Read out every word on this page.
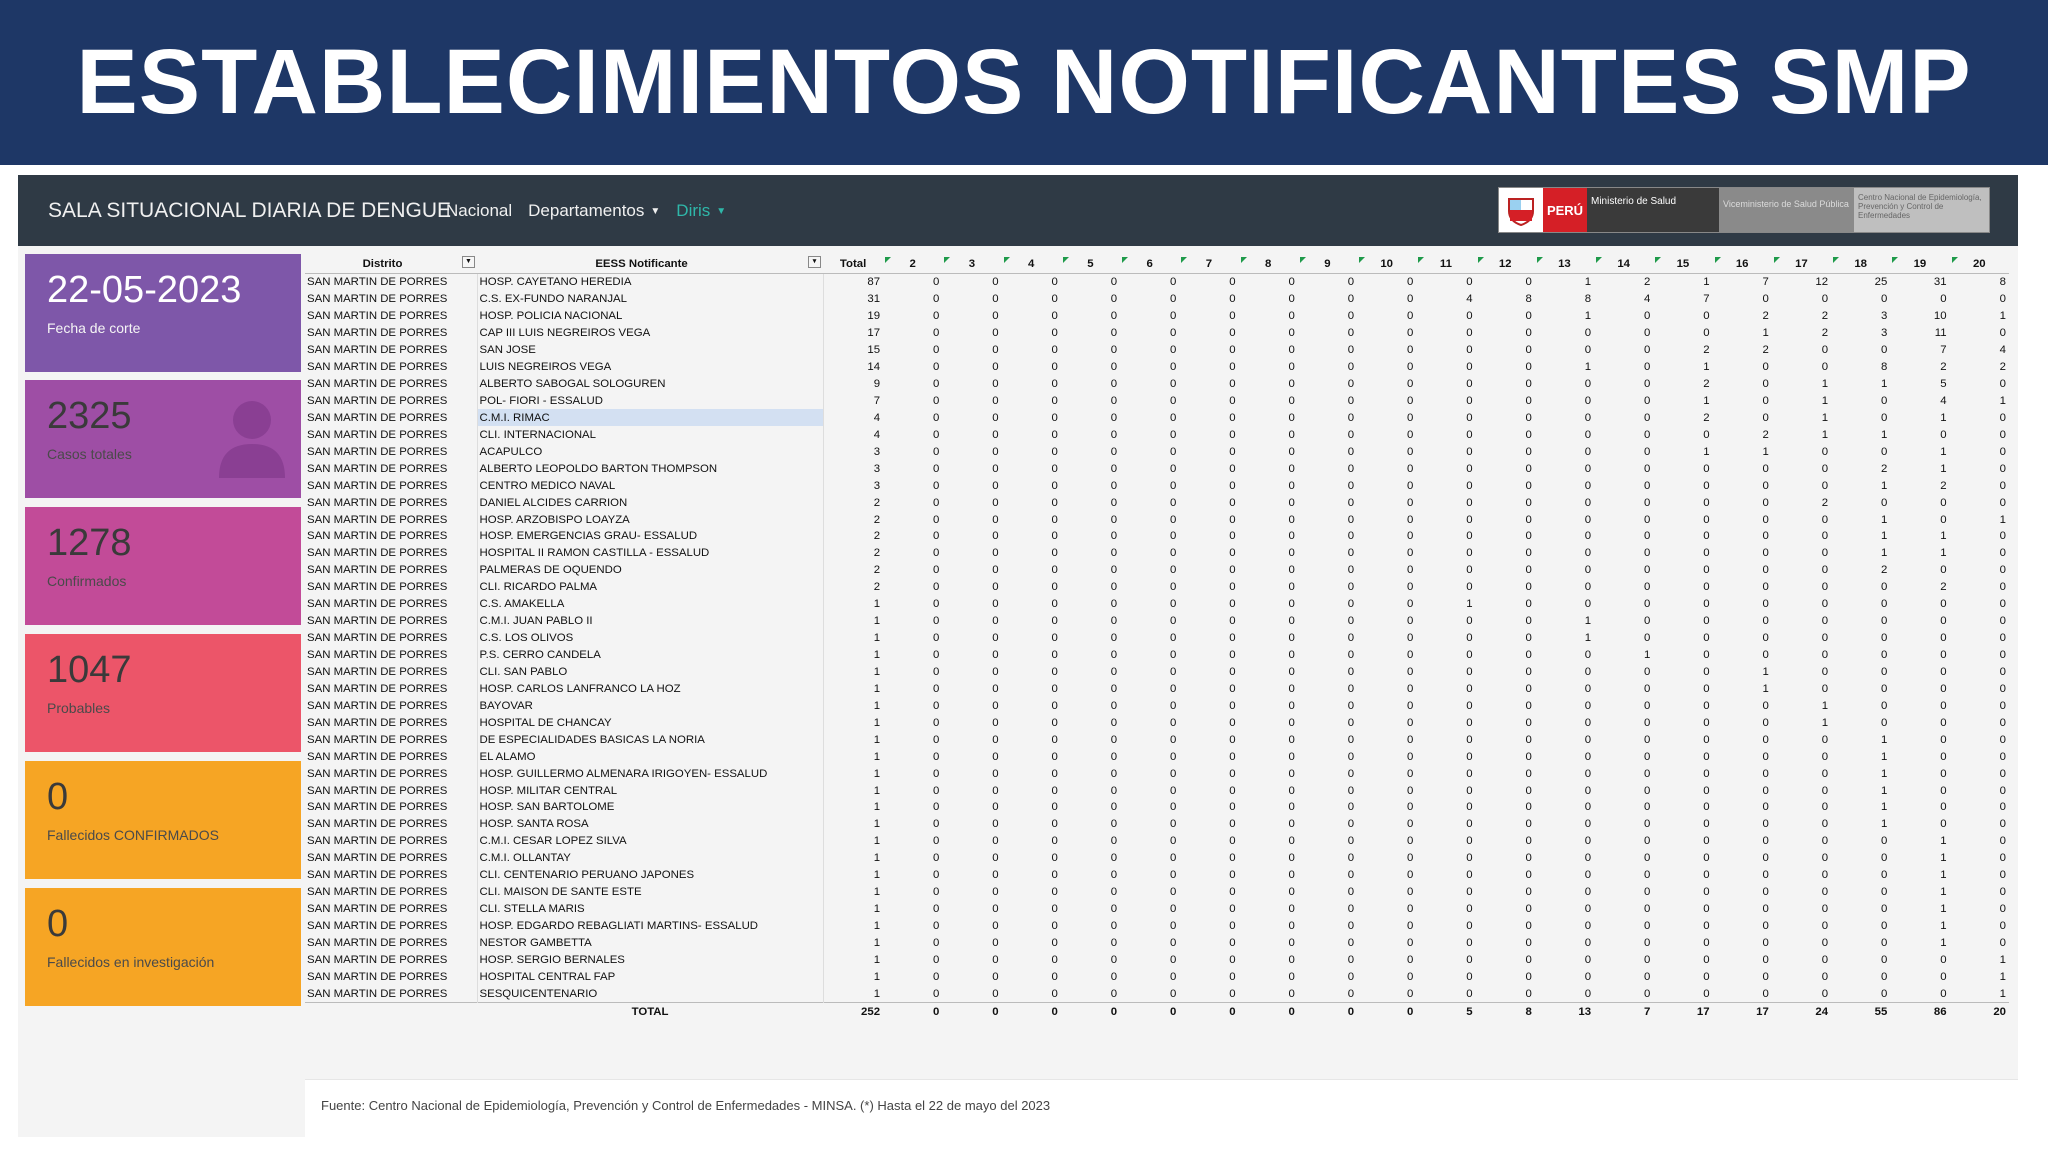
ESTABLECIMIENTOS NOTIFICANTES SMP
SALA SITUACIONAL DIARIA DE DENGUE
Nacional Departamentos ▼ Diris ▼	PERÚ
Ministerio de Salud	Viceministerio de Salud Pública
Centro Nacional de Epidemiología, Prevención y Control de Enfermedades
22-05-2023
Fecha de corte
2325
Casos totales
1278
Confirmados
1047
Probables
0
Fallecidos CONFIRMADOS
0
Fallecidos en investigación
Distrito ▼	EESS Notificante ▾	Total	2	3	4	5	6	7	8	9	10	11	12	13	14	15	16	17	18	19	20
SAN MARTIN DE PORRES	HOSP. CAYETANO HEREDIA	87	0	0	0	0	0	0	0	0	0	0	0	1	2	1	7	12	25	31	8
SAN MARTIN DE PORRES	C.S. EX-FUNDO NARANJAL	31	0	0	0	0	0	0	0	0	0	4	8	8	4	7	0	0	0	0	0
SAN MARTIN DE PORRES	HOSP. POLICIA NACIONAL	19	0	0	0	0	0	0	0	0	0	0	0	1	0	0	2	2	3	10	1
SAN MARTIN DE PORRES	CAP III LUIS NEGREIROS VEGA	17	0	0	0	0	0	0	0	0	0	0	0	0	0	0	1	2	3	11	0
SAN MARTIN DE PORRES	SAN JOSE	15	0	0	0	0	0	0	0	0	0	0	0	0	0	2	2	0	0	7	4
SAN MARTIN DE PORRES	LUIS NEGREIROS VEGA	14	0	0	0	0	0	0	0	0	0	0	0	1	0	1	0	0	8	2	2
SAN MARTIN DE PORRES	ALBERTO SABOGAL SOLOGUREN	9	0	0	0	0	0	0	0	0	0	0	0	0	0	2	0	1	1	5	0
SAN MARTIN DE PORRES	POL- FIORI - ESSALUD	7	0	0	0	0	0	0	0	0	0	0	0	0	0	1	0	1	0	4	1
SAN MARTIN DE PORRES	C.M.I. RIMAC	4	0	0	0	0	0	0	0	0	0	0	0	0	0	2	0	1	0	1	0
SAN MARTIN DE PORRES	CLI. INTERNACIONAL	4	0	0	0	0	0	0	0	0	0	0	0	0	0	0	2	1	1	0	0
SAN MARTIN DE PORRES	ACAPULCO	3	0	0	0	0	0	0	0	0	0	0	0	0	0	1	1	0	0	1	0
SAN MARTIN DE PORRES	ALBERTO LEOPOLDO BARTON THOMPSON	3	0	0	0	0	0	0	0	0	0	0	0	0	0	0	0	0	2	1	0
SAN MARTIN DE PORRES	CENTRO MEDICO NAVAL	3	0	0	0	0	0	0	0	0	0	0	0	0	0	0	0	0	1	2	0
SAN MARTIN DE PORRES	DANIEL ALCIDES CARRION	2	0	0	0	0	0	0	0	0	0	0	0	0	0	0	0	2	0	0	0
SAN MARTIN DE PORRES	HOSP. ARZOBISPO LOAYZA	2	0	0	0	0	0	0	0	0	0	0	0	0	0	0	0	0	1	0	1
SAN MARTIN DE PORRES	HOSP. EMERGENCIAS GRAU- ESSALUD	2	0	0	0	0	0	0	0	0	0	0	0	0	0	0	0	0	1	1	0
SAN MARTIN DE PORRES	HOSPITAL II RAMON CASTILLA - ESSALUD	2	0	0	0	0	0	0	0	0	0	0	0	0	0	0	0	0	1	1	0
SAN MARTIN DE PORRES	PALMERAS DE OQUENDO	2	0	0	0	0	0	0	0	0	0	0	0	0	0	0	0	0	2	0	0
SAN MARTIN DE PORRES	CLI. RICARDO PALMA	2	0	0	0	0	0	0	0	0	0	0	0	0	0	0	0	0	0	2	0
SAN MARTIN DE PORRES	C.S. AMAKELLA	1	0	0	0	0	0	0	0	0	0	1	0	0	0	0	0	0	0	0	0
SAN MARTIN DE PORRES	C.M.I. JUAN PABLO II	1	0	0	0	0	0	0	0	0	0	0	0	1	0	0	0	0	0	0	0
SAN MARTIN DE PORRES	C.S. LOS OLIVOS	1	0	0	0	0	0	0	0	0	0	0	0	1	0	0	0	0	0	0	0
SAN MARTIN DE PORRES	P.S. CERRO CANDELA	1	0	0	0	0	0	0	0	0	0	0	0	0	1	0	0	0	0	0	0
SAN MARTIN DE PORRES	CLI. SAN PABLO	1	0	0	0	0	0	0	0	0	0	0	0	0	0	0	1	0	0	0	0
SAN MARTIN DE PORRES	HOSP. CARLOS LANFRANCO LA HOZ	1	0	0	0	0	0	0	0	0	0	0	0	0	0	0	1	0	0	0	0
SAN MARTIN DE PORRES	BAYOVAR	1	0	0	0	0	0	0	0	0	0	0	0	0	0	0	0	1	0	0	0
SAN MARTIN DE PORRES	HOSPITAL DE CHANCAY	1	0	0	0	0	0	0	0	0	0	0	0	0	0	0	0	1	0	0	0
SAN MARTIN DE PORRES	DE ESPECIALIDADES BASICAS LA NORIA	1	0	0	0	0	0	0	0	0	0	0	0	0	0	0	0	0	1	0	0
SAN MARTIN DE PORRES	EL ALAMO	1	0	0	0	0	0	0	0	0	0	0	0	0	0	0	0	0	1	0	0
SAN MARTIN DE PORRES	HOSP. GUILLERMO ALMENARA IRIGOYEN- ESSALUD	1	0	0	0	0	0	0	0	0	0	0	0	0	0	0	0	0	1	0	0
SAN MARTIN DE PORRES	HOSP. MILITAR CENTRAL	1	0	0	0	0	0	0	0	0	0	0	0	0	0	0	0	0	1	0	0
SAN MARTIN DE PORRES	HOSP. SAN BARTOLOME	1	0	0	0	0	0	0	0	0	0	0	0	0	0	0	0	0	1	0	0
SAN MARTIN DE PORRES	HOSP. SANTA ROSA	1	0	0	0	0	0	0	0	0	0	0	0	0	0	0	0	0	1	0	0
SAN MARTIN DE PORRES	C.M.I. CESAR LOPEZ SILVA	1	0	0	0	0	0	0	0	0	0	0	0	0	0	0	0	0	0	1	0
SAN MARTIN DE PORRES	C.M.I. OLLANTAY	1	0	0	0	0	0	0	0	0	0	0	0	0	0	0	0	0	0	1	0
SAN MARTIN DE PORRES	CLI. CENTENARIO PERUANO JAPONES	1	0	0	0	0	0	0	0	0	0	0	0	0	0	0	0	0	0	1	0
SAN MARTIN DE PORRES	CLI. MAISON DE SANTE ESTE	1	0	0	0	0	0	0	0	0	0	0	0	0	0	0	0	0	0	1	0
SAN MARTIN DE PORRES	CLI. STELLA MARIS	1	0	0	0	0	0	0	0	0	0	0	0	0	0	0	0	0	0	1	0
SAN MARTIN DE PORRES	HOSP. EDGARDO REBAGLIATI MARTINS- ESSALUD	1	0	0	0	0	0	0	0	0	0	0	0	0	0	0	0	0	0	1	0
SAN MARTIN DE PORRES	NESTOR GAMBETTA	1	0	0	0	0	0	0	0	0	0	0	0	0	0	0	0	0	0	1	0
SAN MARTIN DE PORRES	HOSP. SERGIO BERNALES	1	0	0	0	0	0	0	0	0	0	0	0	0	0	0	0	0	0	0	1
SAN MARTIN DE PORRES	HOSPITAL CENTRAL FAP	1	0	0	0	0	0	0	0	0	0	0	0	0	0	0	0	0	0	0	1
SAN MARTIN DE PORRES	SESQUICENTENARIO	1	0	0	0	0	0	0	0	0	0	0	0	0	0	0	0	0	0	0	1
	TOTAL	252	0	0	0	0	0	0	0	0	0	5	8	13	7	17	17	24	55	86	20
Fuente: Centro Nacional de Epidemiología, Prevención y Control de Enfermedades - MINSA. (*) Hasta el 22 de mayo del 2023
